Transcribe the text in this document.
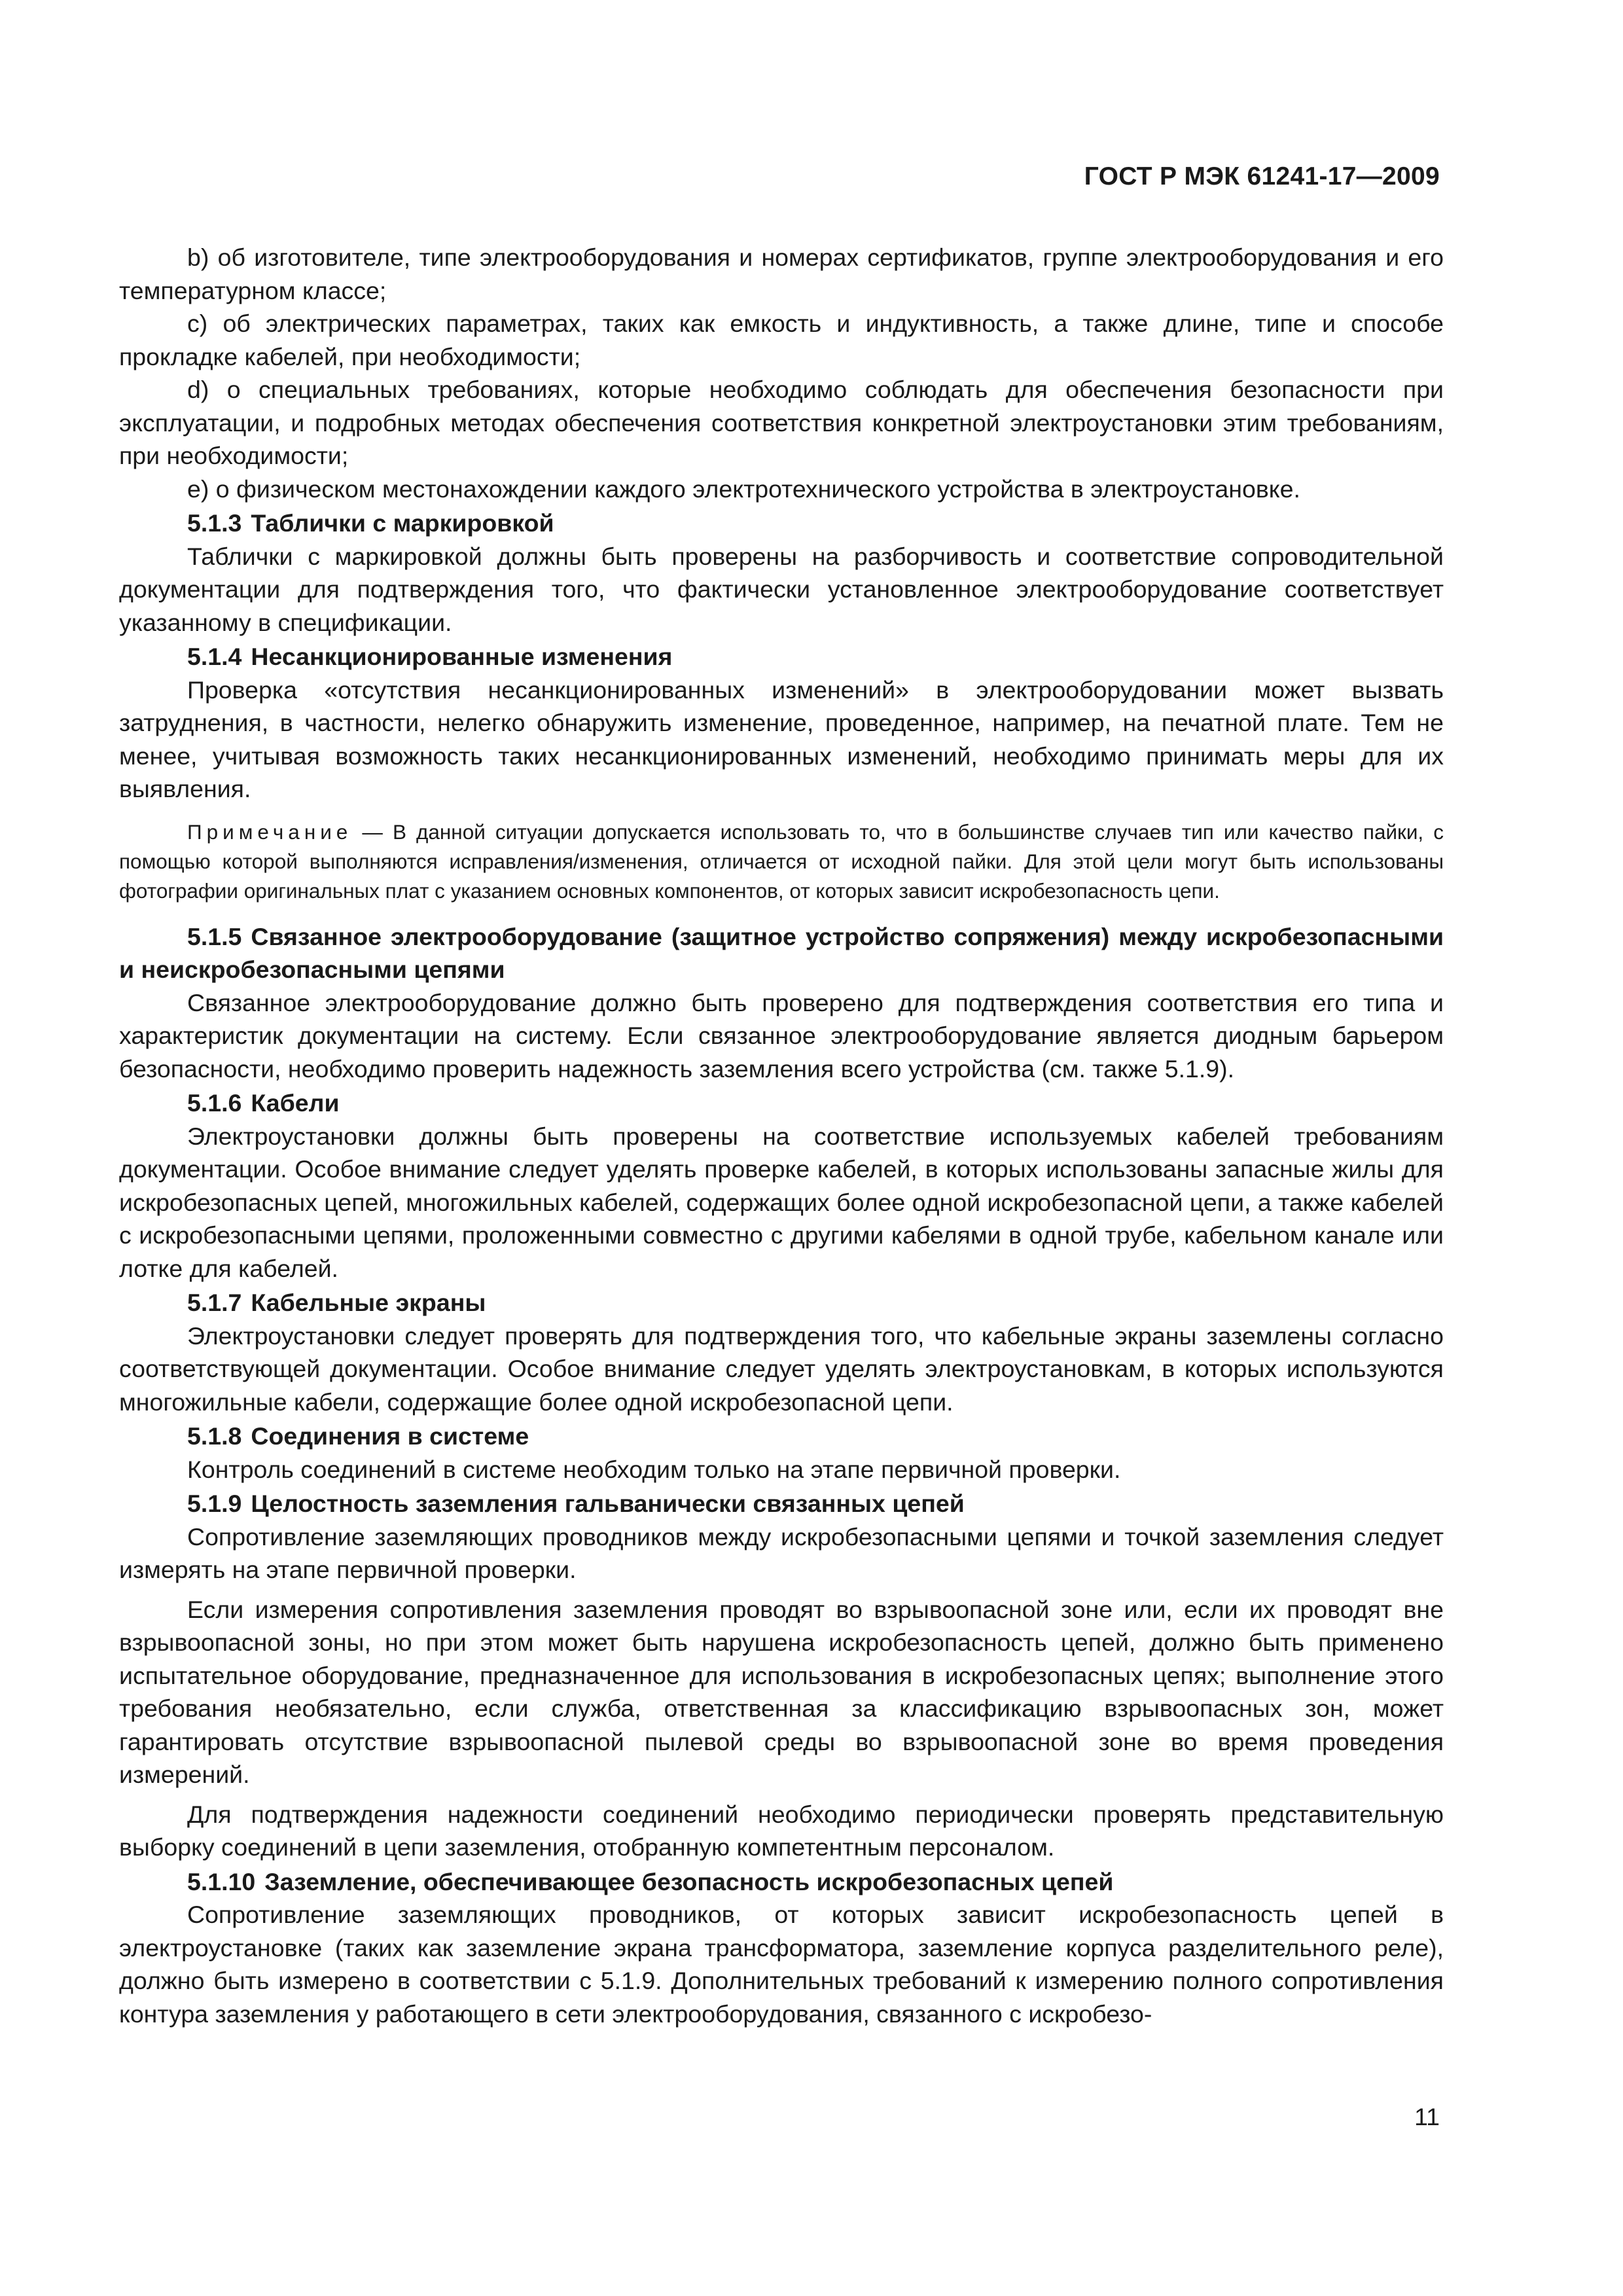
ГОСТ Р МЭК 61241-17—2009

b) об изготовителе, типе электрооборудования и номерах сертификатов, группе электрооборудования и его температурном классе;

c) об электрических параметрах, таких как емкость и индуктивность, а также длине, типе и способе прокладке кабелей, при необходимости;

d) о специальных требованиях, которые необходимо соблюдать для обеспечения безопасности при эксплуатации, и подробных методах обеспечения соответствия конкретной электроустановки этим требованиям, при необходимости;

е) о физическом местонахождении каждого электротехнического устройства в электроустановке.

5.1.3 Таблички с маркировкой

Таблички с маркировкой должны быть проверены на разборчивость и соответствие сопроводительной документации для подтверждения того, что фактически установленное электрооборудование соответствует указанному в спецификации.

5.1.4 Несанкционированные изменения

Проверка «отсутствия несанкционированных изменений» в электрооборудовании может вызвать затруднения, в частности, нелегко обнаружить изменение, проведенное, например, на печатной плате. Тем не менее, учитывая возможность таких несанкционированных изменений, необходимо принимать меры для их выявления.

Примечание — В данной ситуации допускается использовать то, что в большинстве случаев тип или качество пайки, с помощью которой выполняются исправления/изменения, отличается от исходной пайки. Для этой цели могут быть использованы фотографии оригинальных плат с указанием основных компонентов, от которых зависит искробезопасность цепи.
5.1.5 Связанное электрооборудование (защитное устройство сопряжения) между искробезопасными и неискробезопасными цепями

Связанное электрооборудование должно быть проверено для подтверждения соответствия его типа и характеристик документации на систему. Если связанное электрооборудование является диодным барьером безопасности, необходимо проверить надежность заземления всего устройства (см. также 5.1.9).

5.1.6 Кабели

Электроустановки должны быть проверены на соответствие используемых кабелей требованиям документации. Особое внимание следует уделять проверке кабелей, в которых использованы запасные жилы для искробезопасных цепей, многожильных кабелей, содержащих более одной искробезопасной цепи, а также кабелей с искробезопасными цепями, проложенными совместно с другими кабелями в одной трубе, кабельном канале или лотке для кабелей.

5.1.7 Кабельные экраны

Электроустановки следует проверять для подтверждения того, что кабельные экраны заземлены согласно соответствующей документации. Особое внимание следует уделять электроустановкам, в которых используются многожильные кабели, содержащие более одной искробезопасной цепи.

5.1.8 Соединения в системе

Контроль соединений в системе необходим только на этапе первичной проверки.

5.1.9 Целостность заземления гальванически связанных цепей

Сопротивление заземляющих проводников между искробезопасными цепями и точкой заземления следует измерять на этапе первичной проверки.

Если измерения сопротивления заземления проводят во взрывоопасной зоне или, если их проводят вне взрывоопасной зоны, но при этом может быть нарушена искробезопасность цепей, должно быть применено испытательное оборудование, предназначенное для использования в искробезопасных цепях; выполнение этого требования необязательно, если служба, ответственная за классификацию взрывоопасных зон, может гарантировать отсутствие взрывоопасной пылевой среды во взрывоопасной зоне во время проведения измерений.

Для подтверждения надежности соединений необходимо периодически проверять представительную выборку соединений в цепи заземления, отобранную компетентным персоналом.

5.1.10 Заземление, обеспечивающее безопасность искробезопасных цепей

Сопротивление заземляющих проводников, от которых зависит искробезопасность цепей в электроустановке (таких как заземление экрана трансформатора, заземление корпуса разделительного реле), должно быть измерено в соответствии с 5.1.9. Дополнительных требований к измерению полного сопротивления контура заземления у работающего в сети электрооборудования, связанного с искробезо-

11
